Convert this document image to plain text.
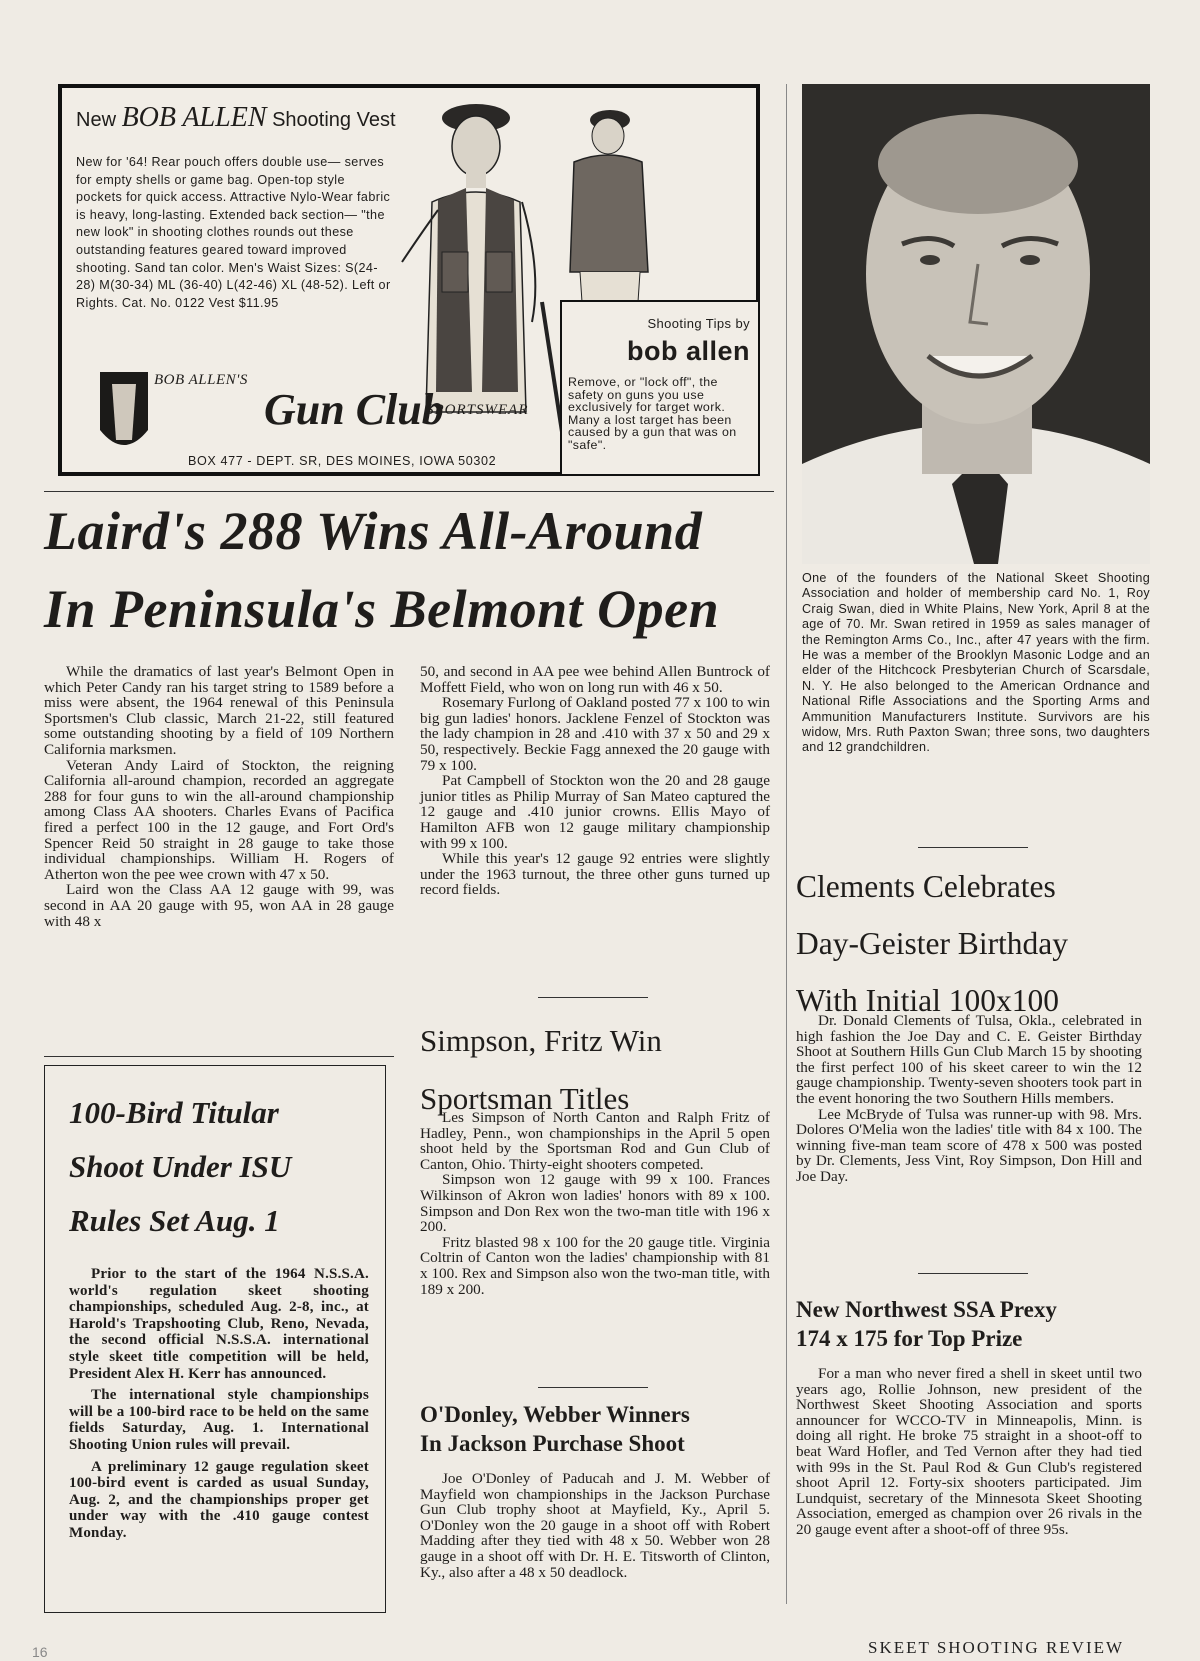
New BOB ALLEN Shooting Vest
New for '64! Rear pouch offers double use— serves for empty shells or game bag. Open-top style pockets for quick access. Attractive Nylo-Wear fabric is heavy, long-lasting. Extended back section— "the new look" in shooting clothes rounds out these outstanding features geared toward improved shooting. Sand tan color. Men's Waist Sizes: S(24-28) M(30-34) ML (36-40) L(42-46) XL (48-52). Left or Rights. Cat. No. 0122 Vest $11.95
BOB ALLEN'S
Gun Club
SPORTSWEAR
BOX 477 - DEPT. SR, DES MOINES, IOWA 50302
Shooting Tips by
bob allen
Remove, or "lock off", the safety on guns you use exclusively for target work. Many a lost target has been caused by a gun that was on "safe".
Laird's 288 Wins All-Around
In Peninsula's Belmont Open

While the dramatics of last year's Belmont Open in which Peter Candy ran his target string to 1589 before a miss were absent, the 1964 renewal of this Peninsula Sportsmen's Club classic, March 21-22, still featured some outstanding shooting by a field of 109 Northern California marksmen.

Veteran Andy Laird of Stockton, the reigning California all-around champion, recorded an aggregate 288 for four guns to win the all-around championship among Class AA shooters. Charles Evans of Pacifica fired a perfect 100 in the 12 gauge, and Fort Ord's Spencer Reid 50 straight in 28 gauge to take those individual championships. William H. Rogers of Atherton won the pee wee crown with 47 x 50.

Laird won the Class AA 12 gauge with 99, was second in AA 20 gauge with 95, won AA in 28 gauge with 48 x

50, and second in AA pee wee behind Allen Buntrock of Moffett Field, who won on long run with 46 x 50.

Rosemary Furlong of Oakland posted 77 x 100 to win big gun ladies' honors. Jacklene Fenzel of Stockton was the lady champion in 28 and .410 with 37 x 50 and 29 x 50, respectively. Beckie Fagg annexed the 20 gauge with 79 x 100.

Pat Campbell of Stockton won the 20 and 28 gauge junior titles as Philip Murray of San Mateo captured the 12 gauge and .410 junior crowns. Ellis Mayo of Hamilton AFB won 12 gauge military championship with 99 x 100.

While this year's 12 gauge 92 entries were slightly under the 1963 turnout, the three other guns turned up record fields.

100-Bird Titular
Shoot Under ISU
Rules Set Aug. 1

Prior to the start of the 1964 N.S.S.A. world's regulation skeet shooting championships, scheduled Aug. 2-8, inc., at Harold's Trapshooting Club, Reno, Nevada, the second official N.S.S.A. international style skeet title competition will be held, President Alex H. Kerr has announced.

The international style championships will be a 100-bird race to be held on the same fields Saturday, Aug. 1. International Shooting Union rules will prevail.

A preliminary 12 gauge regulation skeet 100-bird event is carded as usual Sunday, Aug. 2, and the championships proper get under way with the .410 gauge contest Monday.

Simpson, Fritz Win
Sportsman Titles

Les Simpson of North Canton and Ralph Fritz of Hadley, Penn., won championships in the April 5 open shoot held by the Sportsman Rod and Gun Club of Canton, Ohio. Thirty-eight shooters competed.

Simpson won 12 gauge with 99 x 100. Frances Wilkinson of Akron won ladies' honors with 89 x 100. Simpson and Don Rex won the two-man title with 196 x 200.

Fritz blasted 98 x 100 for the 20 gauge title. Virginia Coltrin of Canton won the ladies' championship with 81 x 100. Rex and Simpson also won the two-man title, with 189 x 200.

O'Donley, Webber Winners
In Jackson Purchase Shoot

Joe O'Donley of Paducah and J. M. Webber of Mayfield won championships in the Jackson Purchase Gun Club trophy shoot at Mayfield, Ky., April 5. O'Donley won the 20 gauge in a shoot off with Robert Madding after they tied with 48 x 50. Webber won 28 gauge in a shoot off with Dr. H. E. Titsworth of Clinton, Ky., also after a 48 x 50 deadlock.

One of the founders of the National Skeet Shooting Association and holder of membership card No. 1, Roy Craig Swan, died in White Plains, New York, April 8 at the age of 70. Mr. Swan retired in 1959 as sales manager of the Remington Arms Co., Inc., after 47 years with the firm. He was a member of the Brooklyn Masonic Lodge and an elder of the Hitchcock Presbyterian Church of Scarsdale, N. Y. He also belonged to the American Ordnance and National Rifle Associations and the Sporting Arms and Ammunition Manufacturers Institute. Survivors are his widow, Mrs. Ruth Paxton Swan; three sons, two daughters and 12 grandchildren.
Clements Celebrates
Day-Geister Birthday
With Initial 100x100

Dr. Donald Clements of Tulsa, Okla., celebrated in high fashion the Joe Day and C. E. Geister Birthday Shoot at Southern Hills Gun Club March 15 by shooting the first perfect 100 of his skeet career to win the 12 gauge championship. Twenty-seven shooters took part in the event honoring the two Southern Hills members.

Lee McBryde of Tulsa was runner-up with 98. Mrs. Dolores O'Melia won the ladies' title with 84 x 100. The winning five-man team score of 478 x 500 was posted by Dr. Clements, Jess Vint, Roy Simpson, Don Hill and Joe Day.

New Northwest SSA Prexy
174 x 175 for Top Prize

For a man who never fired a shell in skeet until two years ago, Rollie Johnson, new president of the Northwest Skeet Shooting Association and sports announcer for WCCO-TV in Minneapolis, Minn. is doing all right. He broke 75 straight in a shoot-off to beat Ward Hofler, and Ted Vernon after they had tied with 99s in the St. Paul Rod & Gun Club's registered shoot April 12. Forty-six shooters participated. Jim Lundquist, secretary of the Minnesota Skeet Shooting Association, emerged as champion over 26 rivals in the 20 gauge event after a shoot-off of three 95s.

16	SKEET SHOOTING REVIEW
